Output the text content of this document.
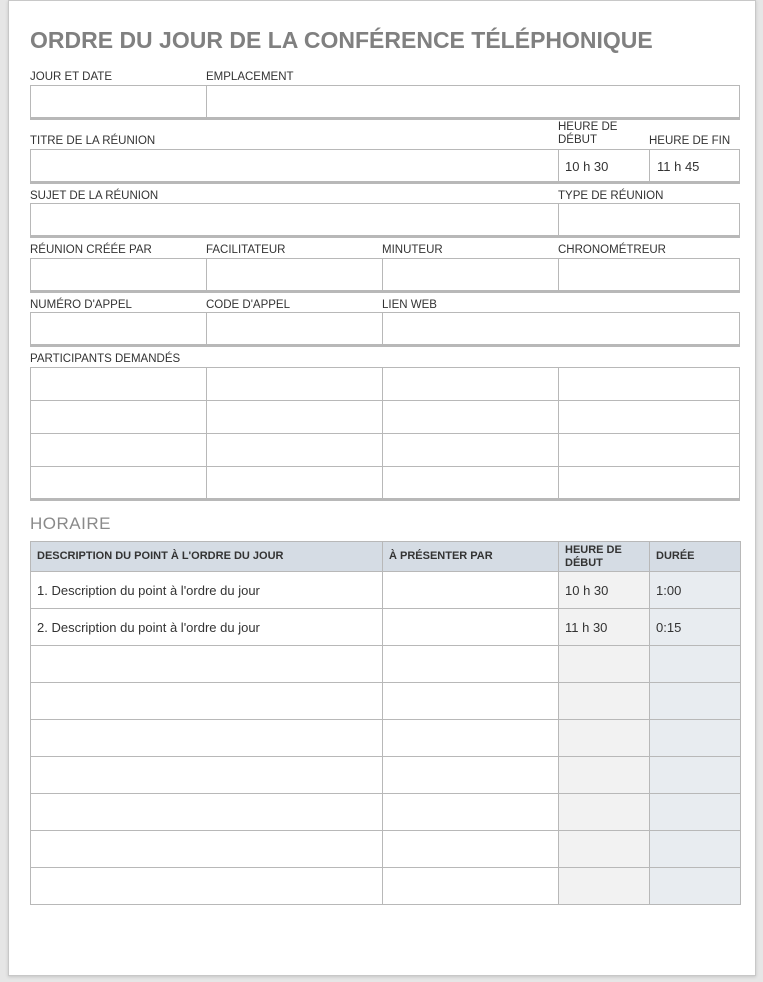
ORDRE DU JOUR DE LA CONFÉRENCE TÉLÉPHONIQUE
JOUR ET DATE	EMPLACEMENT
TITRE DE LA RÉUNION
HEURE DE DÉBUT	HEURE DE FIN
10 h 30	11 h 45
SUJET DE LA RÉUNION	TYPE DE RÉUNION
RÉUNION CRÉÉE PAR	FACILITATEUR	MINUTEUR	CHRONOMÉTREUR
NUMÉRO D'APPEL	CODE D'APPEL	LIEN WEB
PARTICIPANTS DEMANDÉS
HORAIRE
DESCRIPTION DU POINT À L'ORDRE DU JOUR	À PRÉSENTER PAR	HEURE DE DÉBUT	DURÉE
1. Description du point à l'ordre du jour		10 h 30	1:00
2. Description du point à l'ordre du jour		11 h 30	0:15
